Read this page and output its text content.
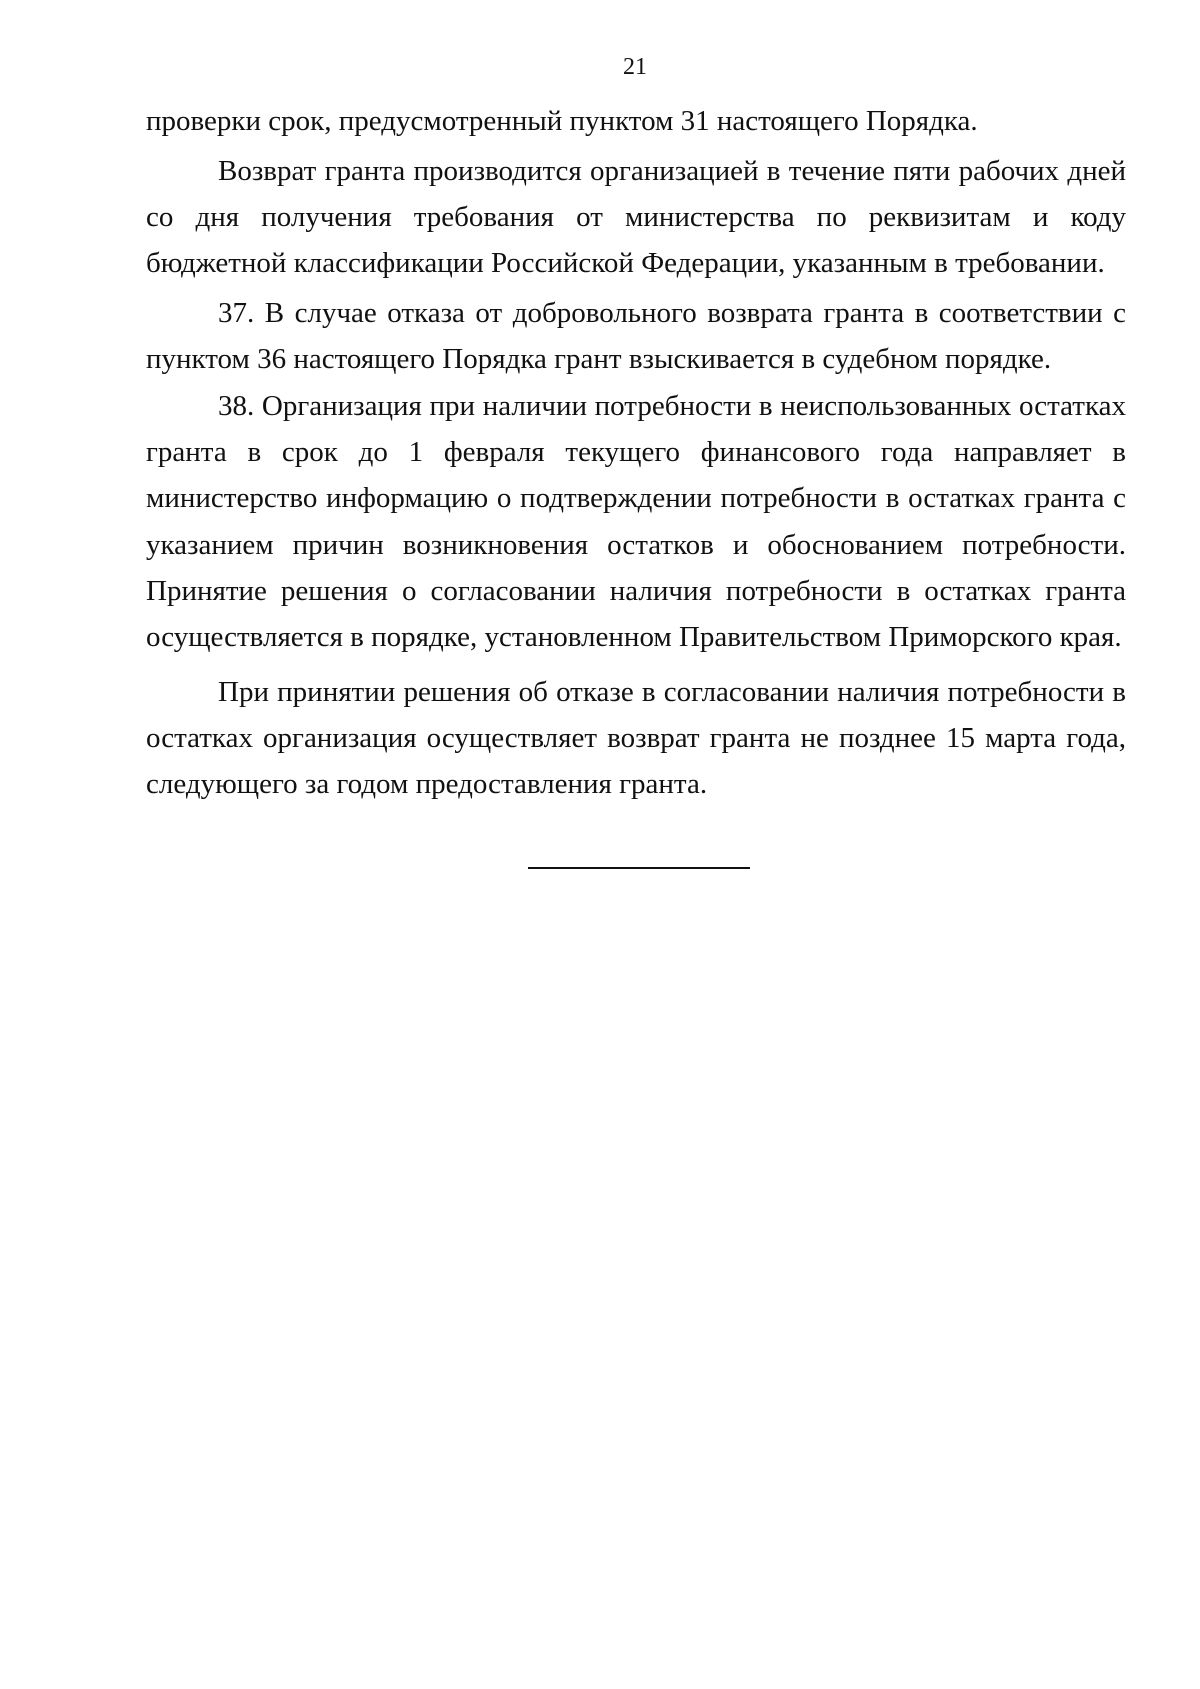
21

проверки срок, предусмотренный пунктом 31 настоящего Порядка.

Возврат гранта производится организацией в течение пяти рабочих дней со дня получения требования от министерства по реквизитам и коду бюджетной классификации Российской Федерации, указанным в требовании.

37. В случае отказа от добровольного возврата гранта в соответствии с пунктом 36 настоящего Порядка грант взыскивается в судебном порядке.

38. Организация при наличии потребности в неиспользованных остатках гранта в срок до 1 февраля текущего финансового года направляет в министерство информацию о подтверждении потребности в остатках гранта с указанием причин возникновения остатков и обоснованием потребности. Принятие решения о согласовании наличия потребности в остатках гранта осуществляется в порядке, установленном Правительством Приморского края.

При принятии решения об отказе в согласовании наличия потребности в остатках организация осуществляет возврат гранта не позднее 15 марта года, следующего за годом предоставления гранта.
